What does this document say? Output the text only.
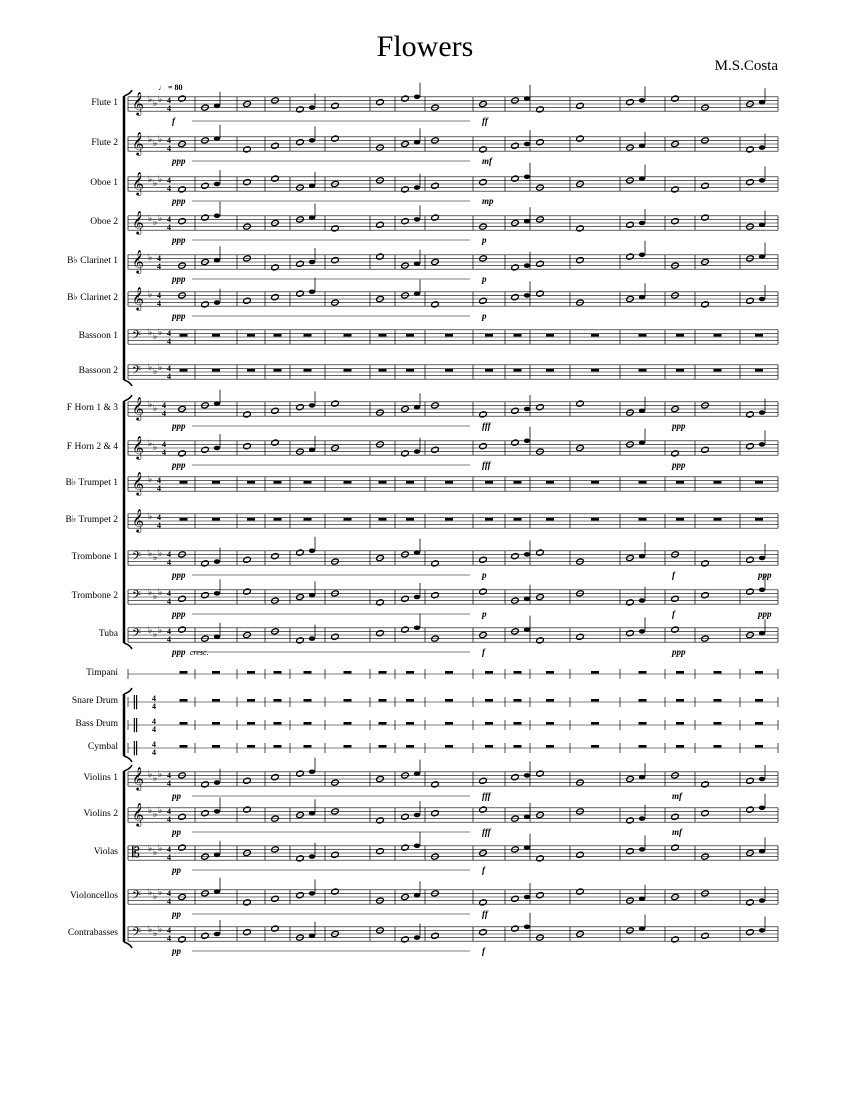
Flowers
M.S.Costa
♩ = 80
Flute 1
Flute 2
Oboe 1
Oboe 2
B♭ Clarinet 1
B♭ Clarinet 2
Bassoon 1
Bassoon 2
F Horn 1 & 3
F Horn 2 & 4
B♭ Trumpet 1
B♭ Trumpet 2
Trombone 1
Trombone 2
Tuba
Timpani
Snare Drum
Bass Drum
Cymbal
Violins 1
Violins 2
Violas
Violoncellos
Contrabasses
𝄞 ♭ ♭ ♭ 4
4
f	ff
𝄞 ♭ ♭ ♭ 4
4
ppp	mf
𝄞 ♭ ♭ ♭ 4
4
ppp	mp
𝄞 ♭ ♭ ♭ 4
4
ppp	p
𝄞 ♭ 4
4
ppp	p
𝄞 ♭ 4
4
ppp	p
𝄢 ♭ ♭ ♭ 4
4
𝄢 ♭ ♭ ♭ 4
4
𝄞 ♭ ♭ 4
4
ppp	fff	ppp
𝄞 ♭ ♭ 4
4
ppp	fff	ppp
𝄞 ♭ 4
4
𝄞 ♭ 4
4
𝄢 ♭ ♭ ♭ 4
4
ppp	p	f	ppp
𝄢 ♭ ♭ ♭ 4
4
ppp	p	f	ppp
𝄢 ♭ ♭ ♭ 4
4
ppp	f	ppp
cresc.
‖ 4
4
‖ 4
4
‖ 4
4
𝄞 ♭ ♭ ♭ 4
4
pp	fff	mf
𝄞 ♭ ♭ ♭ 4
4
pp	fff	mf
𝄡 ♭ ♭ ♭ 4
4
pp	f
𝄢 ♭ ♭ ♭ 4
4
pp	ff
𝄢 ♭ ♭ ♭ 4
4
pp	f
